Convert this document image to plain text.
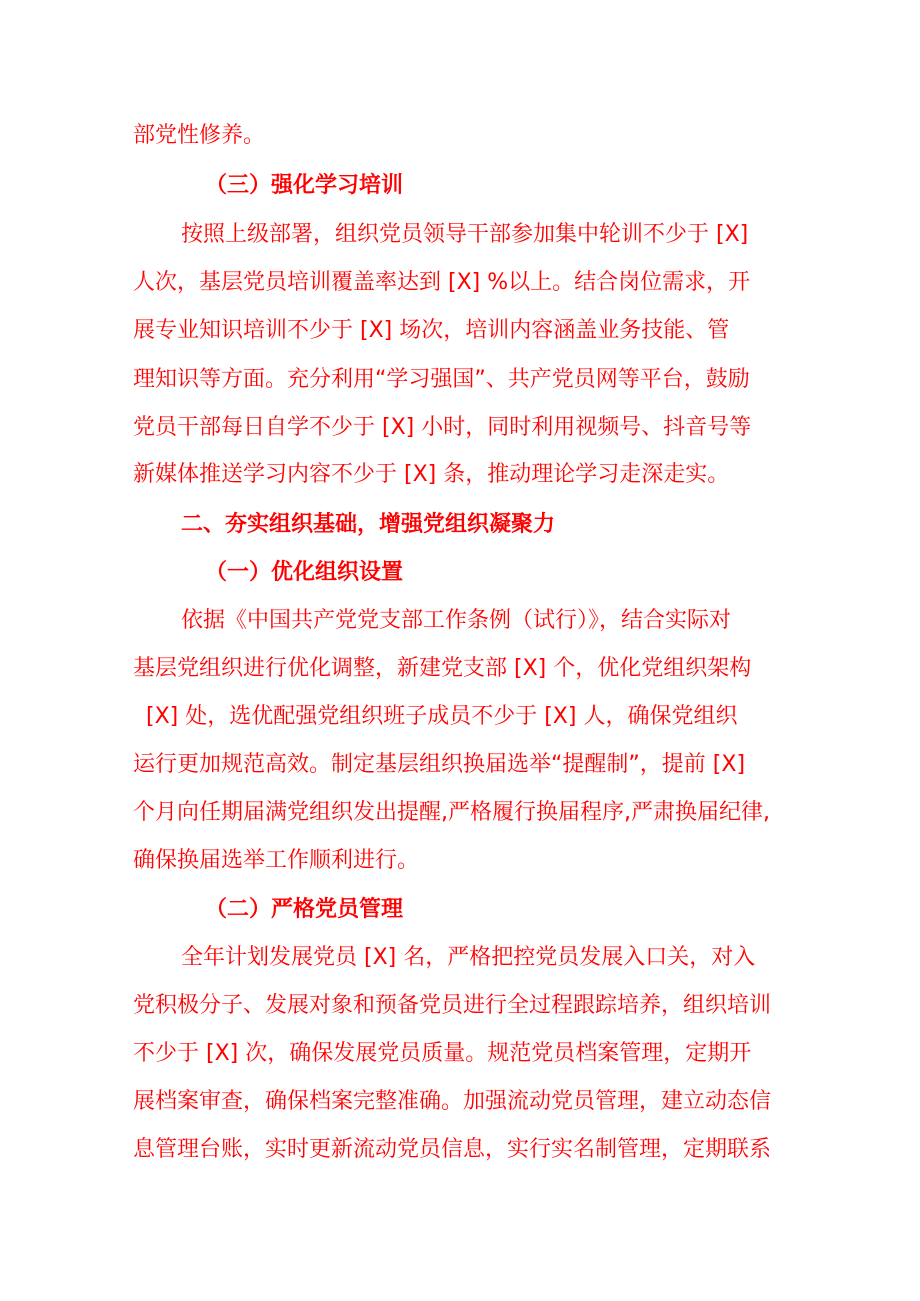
部党性修养。
（三）强化学习培训
按照上级部署，组织党员领导干部参加集中轮训不少于 [X]
人次，基层党员培训覆盖率达到 [X] %以上。结合岗位需求，开
展专业知识培训不少于 [X] 场次，培训内容涵盖业务技能、管
理知识等方面。充分利用“学习强国”、共产党员网等平台，鼓励
党员干部每日自学不少于 [X] 小时，同时利用视频号、抖音号等
新媒体推送学习内容不少于 [X] 条，推动理论学习走深走实。
二、夯实组织基础，增强党组织凝聚力
（一）优化组织设置
依据《中国共产党党支部工作条例（试行）》，结合实际对
基层党组织进行优化调整，新建党支部 [X] 个，优化党组织架构
[X] 处，选优配强党组织班子成员不少于 [X] 人，确保党组织
运行更加规范高效。制定基层组织换届选举“提醒制”，提前 [X]
个月向任期届满党组织发出提醒,严格履行换届程序,严肃换届纪律,
确保换届选举工作顺利进行。
（二）严格党员管理
全年计划发展党员 [X] 名，严格把控党员发展入口关，对入
党积极分子、发展对象和预备党员进行全过程跟踪培养，组织培训
不少于 [X] 次，确保发展党员质量。规范党员档案管理，定期开
展档案审查，确保档案完整准确。加强流动党员管理，建立动态信
息管理台账，实时更新流动党员信息，实行实名制管理，定期联系
